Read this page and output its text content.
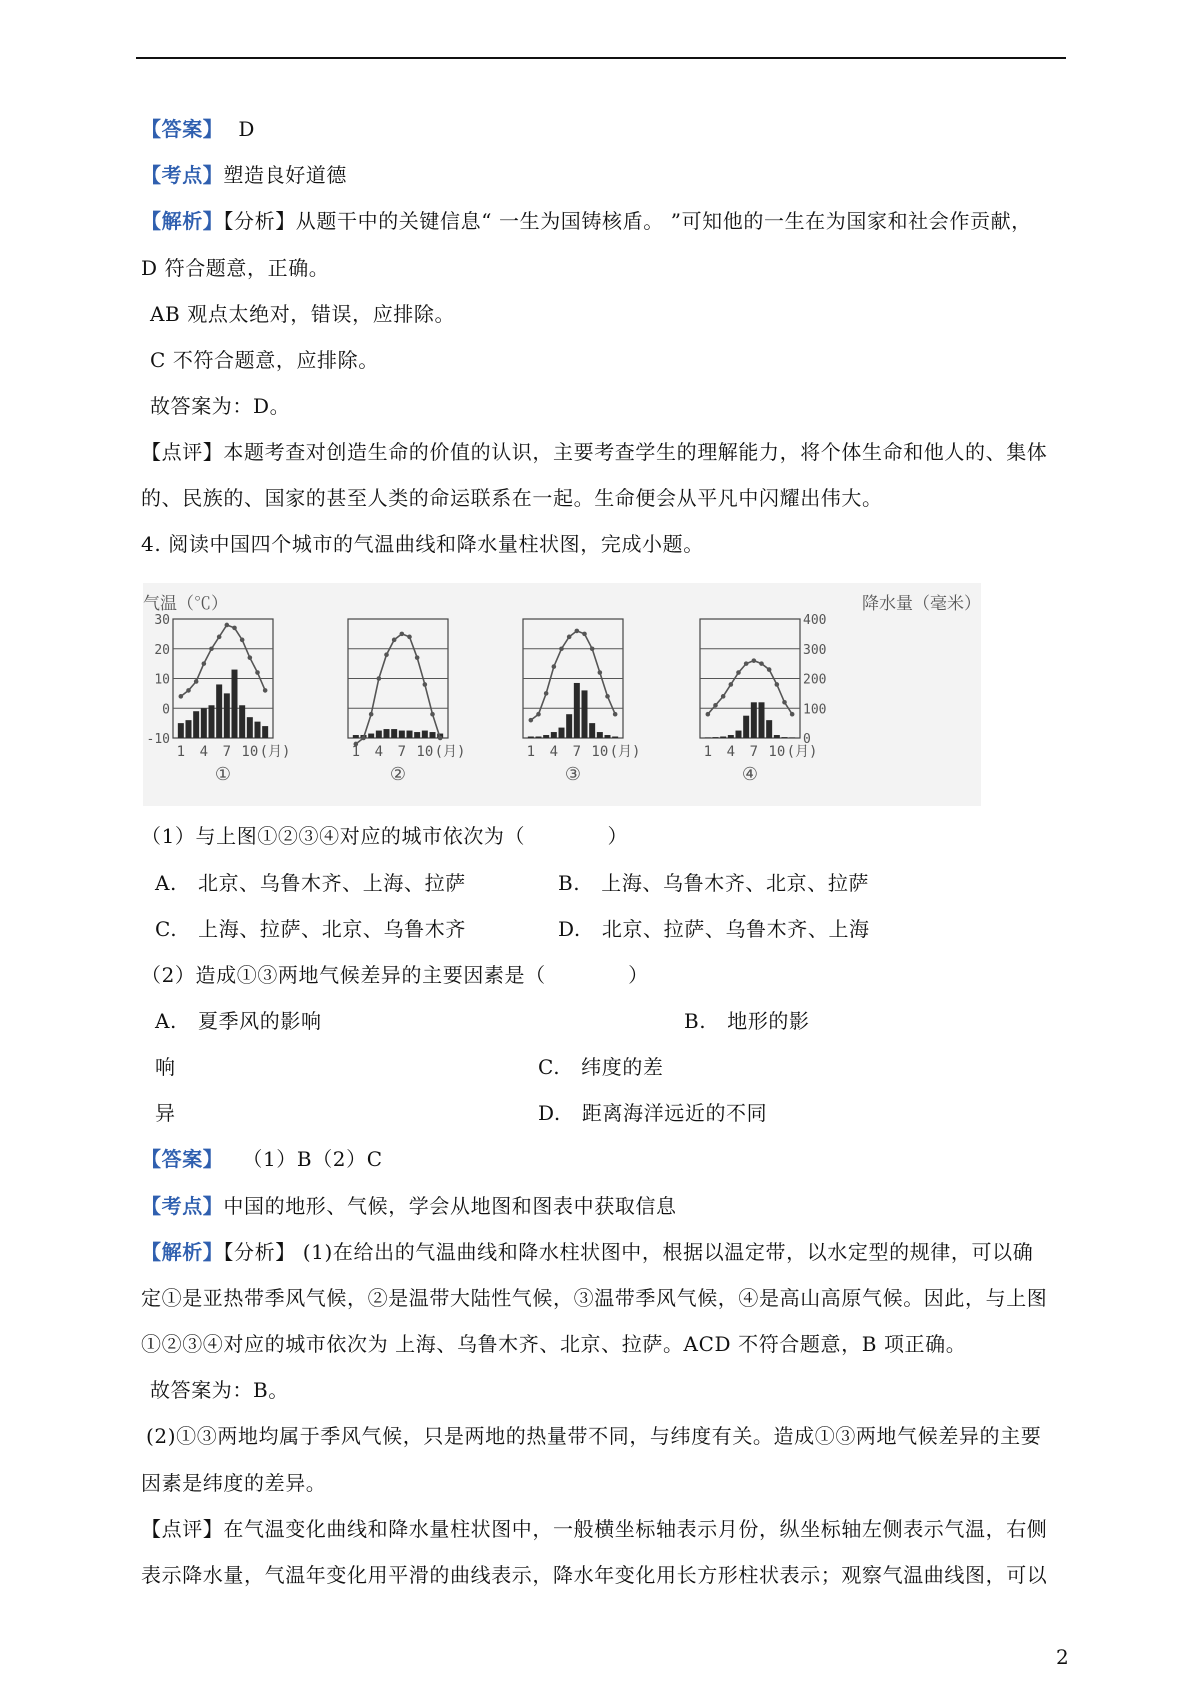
【答案】 D
【考点】塑造良好道德
【解析】【分析】从题干中的关键信息“ 一生为国铸核盾。 ”可知他的一生在为国家和社会作贡献，
D 符合题意，正确。
AB 观点太绝对，错误，应排除。
C 不符合题意，应排除。
故答案为：D。
【点评】本题考查对创造生命的价值的认识，主要考查学生的理解能力，将个体生命和他人的、集体
的、民族的、国家的甚至人类的命运联系在一起。生命便会从平凡中闪耀出伟大。
4. 阅读中国四个城市的气温曲线和降水量柱状图，完成小题。
气温（℃）	降水量（毫米）
30
20
10
0
-10
400
300
200
100
0
1 4 7 10 (月)
①
1 4 7 10 (月)
②
1 4 7 10 (月)
③
1 4 7 10 (月)
④
（1）与上图①②③④对应的城市依次为（　　　　）
A. 北京、乌鲁木齐、上海、拉萨	B. 上海、乌鲁木齐、北京、拉萨
C. 上海、拉萨、北京、乌鲁木齐	D. 北京、拉萨、乌鲁木齐、上海
（2）造成①③两地气候差异的主要因素是（　　　　）
A. 夏季风的影响	B. 地形的影
响	C. 纬度的差
异	D. 距离海洋远近的不同
【答案】 （1）B（2）C
【考点】中国的地形、气候，学会从地图和图表中获取信息
【解析】【分析】 (1)在给出的气温曲线和降水柱状图中，根据以温定带，以水定型的规律，可以确
定①是亚热带季风气候，②是温带大陆性气候，③温带季风气候，④是高山高原气候。因此，与上图
①②③④对应的城市依次为 上海、乌鲁木齐、北京、拉萨。ACD 不符合题意，B 项正确。
故答案为：B。
(2)①③两地均属于季风气候，只是两地的热量带不同，与纬度有关。造成①③两地气候差异的主要
因素是纬度的差异。
【点评】在气温变化曲线和降水量柱状图中，一般横坐标轴表示月份，纵坐标轴左侧表示气温，右侧
表示降水量，气温年变化用平滑的曲线表示，降水年变化用长方形柱状表示；观察气温曲线图，可以
2
